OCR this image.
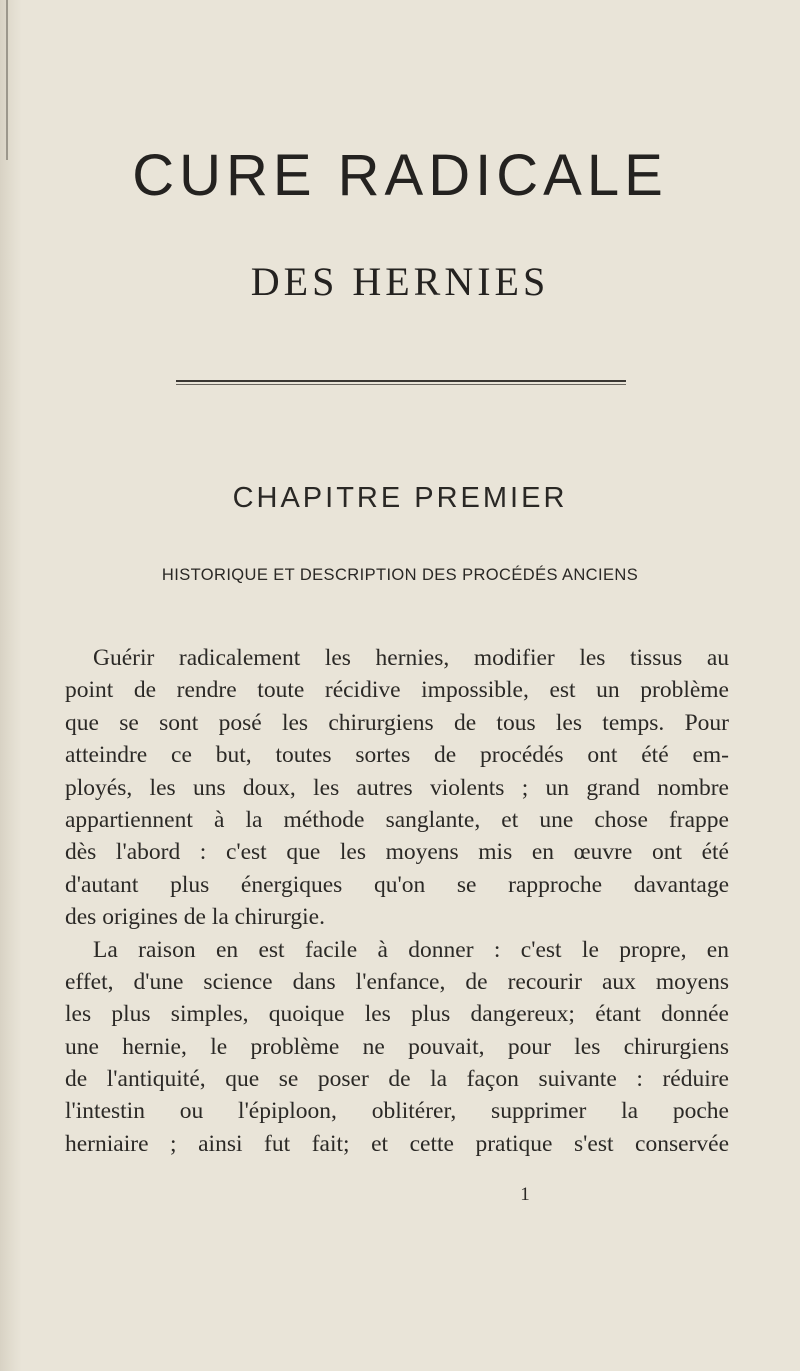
CURE RADICALE
DES HERNIES
CHAPITRE PREMIER
HISTORIQUE ET DESCRIPTION DES PROCÉDÉS ANCIENS
Guérir radicalement les hernies, modifier les tissus au
point de rendre toute récidive impossible, est un problème
que se sont posé les chirurgiens de tous les temps. Pour
atteindre ce but, toutes sortes de procédés ont été em-
ployés, les uns doux, les autres violents ; un grand nombre
appartiennent à la méthode sanglante, et une chose frappe
dès l'abord : c'est que les moyens mis en œuvre ont été
d'autant plus énergiques qu'on se rapproche davantage
des origines de la chirurgie.
La raison en est facile à donner : c'est le propre, en
effet, d'une science dans l'enfance, de recourir aux moyens
les plus simples, quoique les plus dangereux; étant donnée
une hernie, le problème ne pouvait, pour les chirurgiens
de l'antiquité, que se poser de la façon suivante : réduire
l'intestin ou l'épiploon, oblitérer, supprimer la poche
herniaire ; ainsi fut fait; et cette pratique s'est conservée
1
